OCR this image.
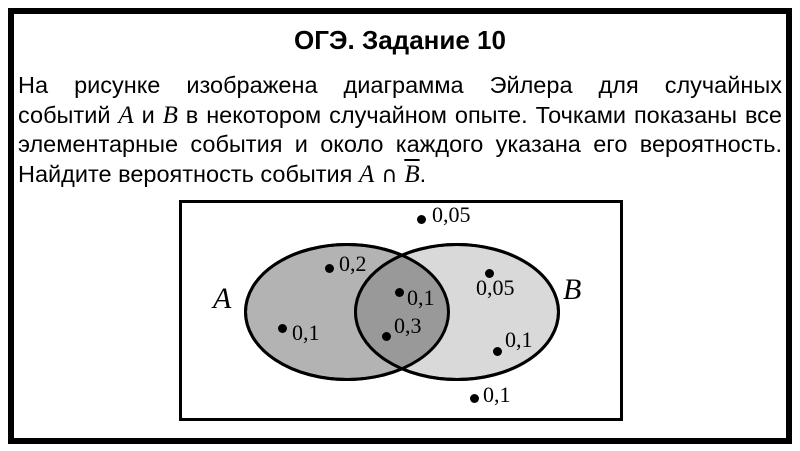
ОГЭ. Задание 10
На рисунке изображена диаграмма Эйлера для случайных
событий A и B в некотором случайном опыте. Точками показаны все
элементарные события и около каждого указана его вероятность.
Найдите вероятность события A ∩ $\overline{B}$.
A	B
0,05
0,2
0,1
0,1
0,3
0,05
0,1
0,1
